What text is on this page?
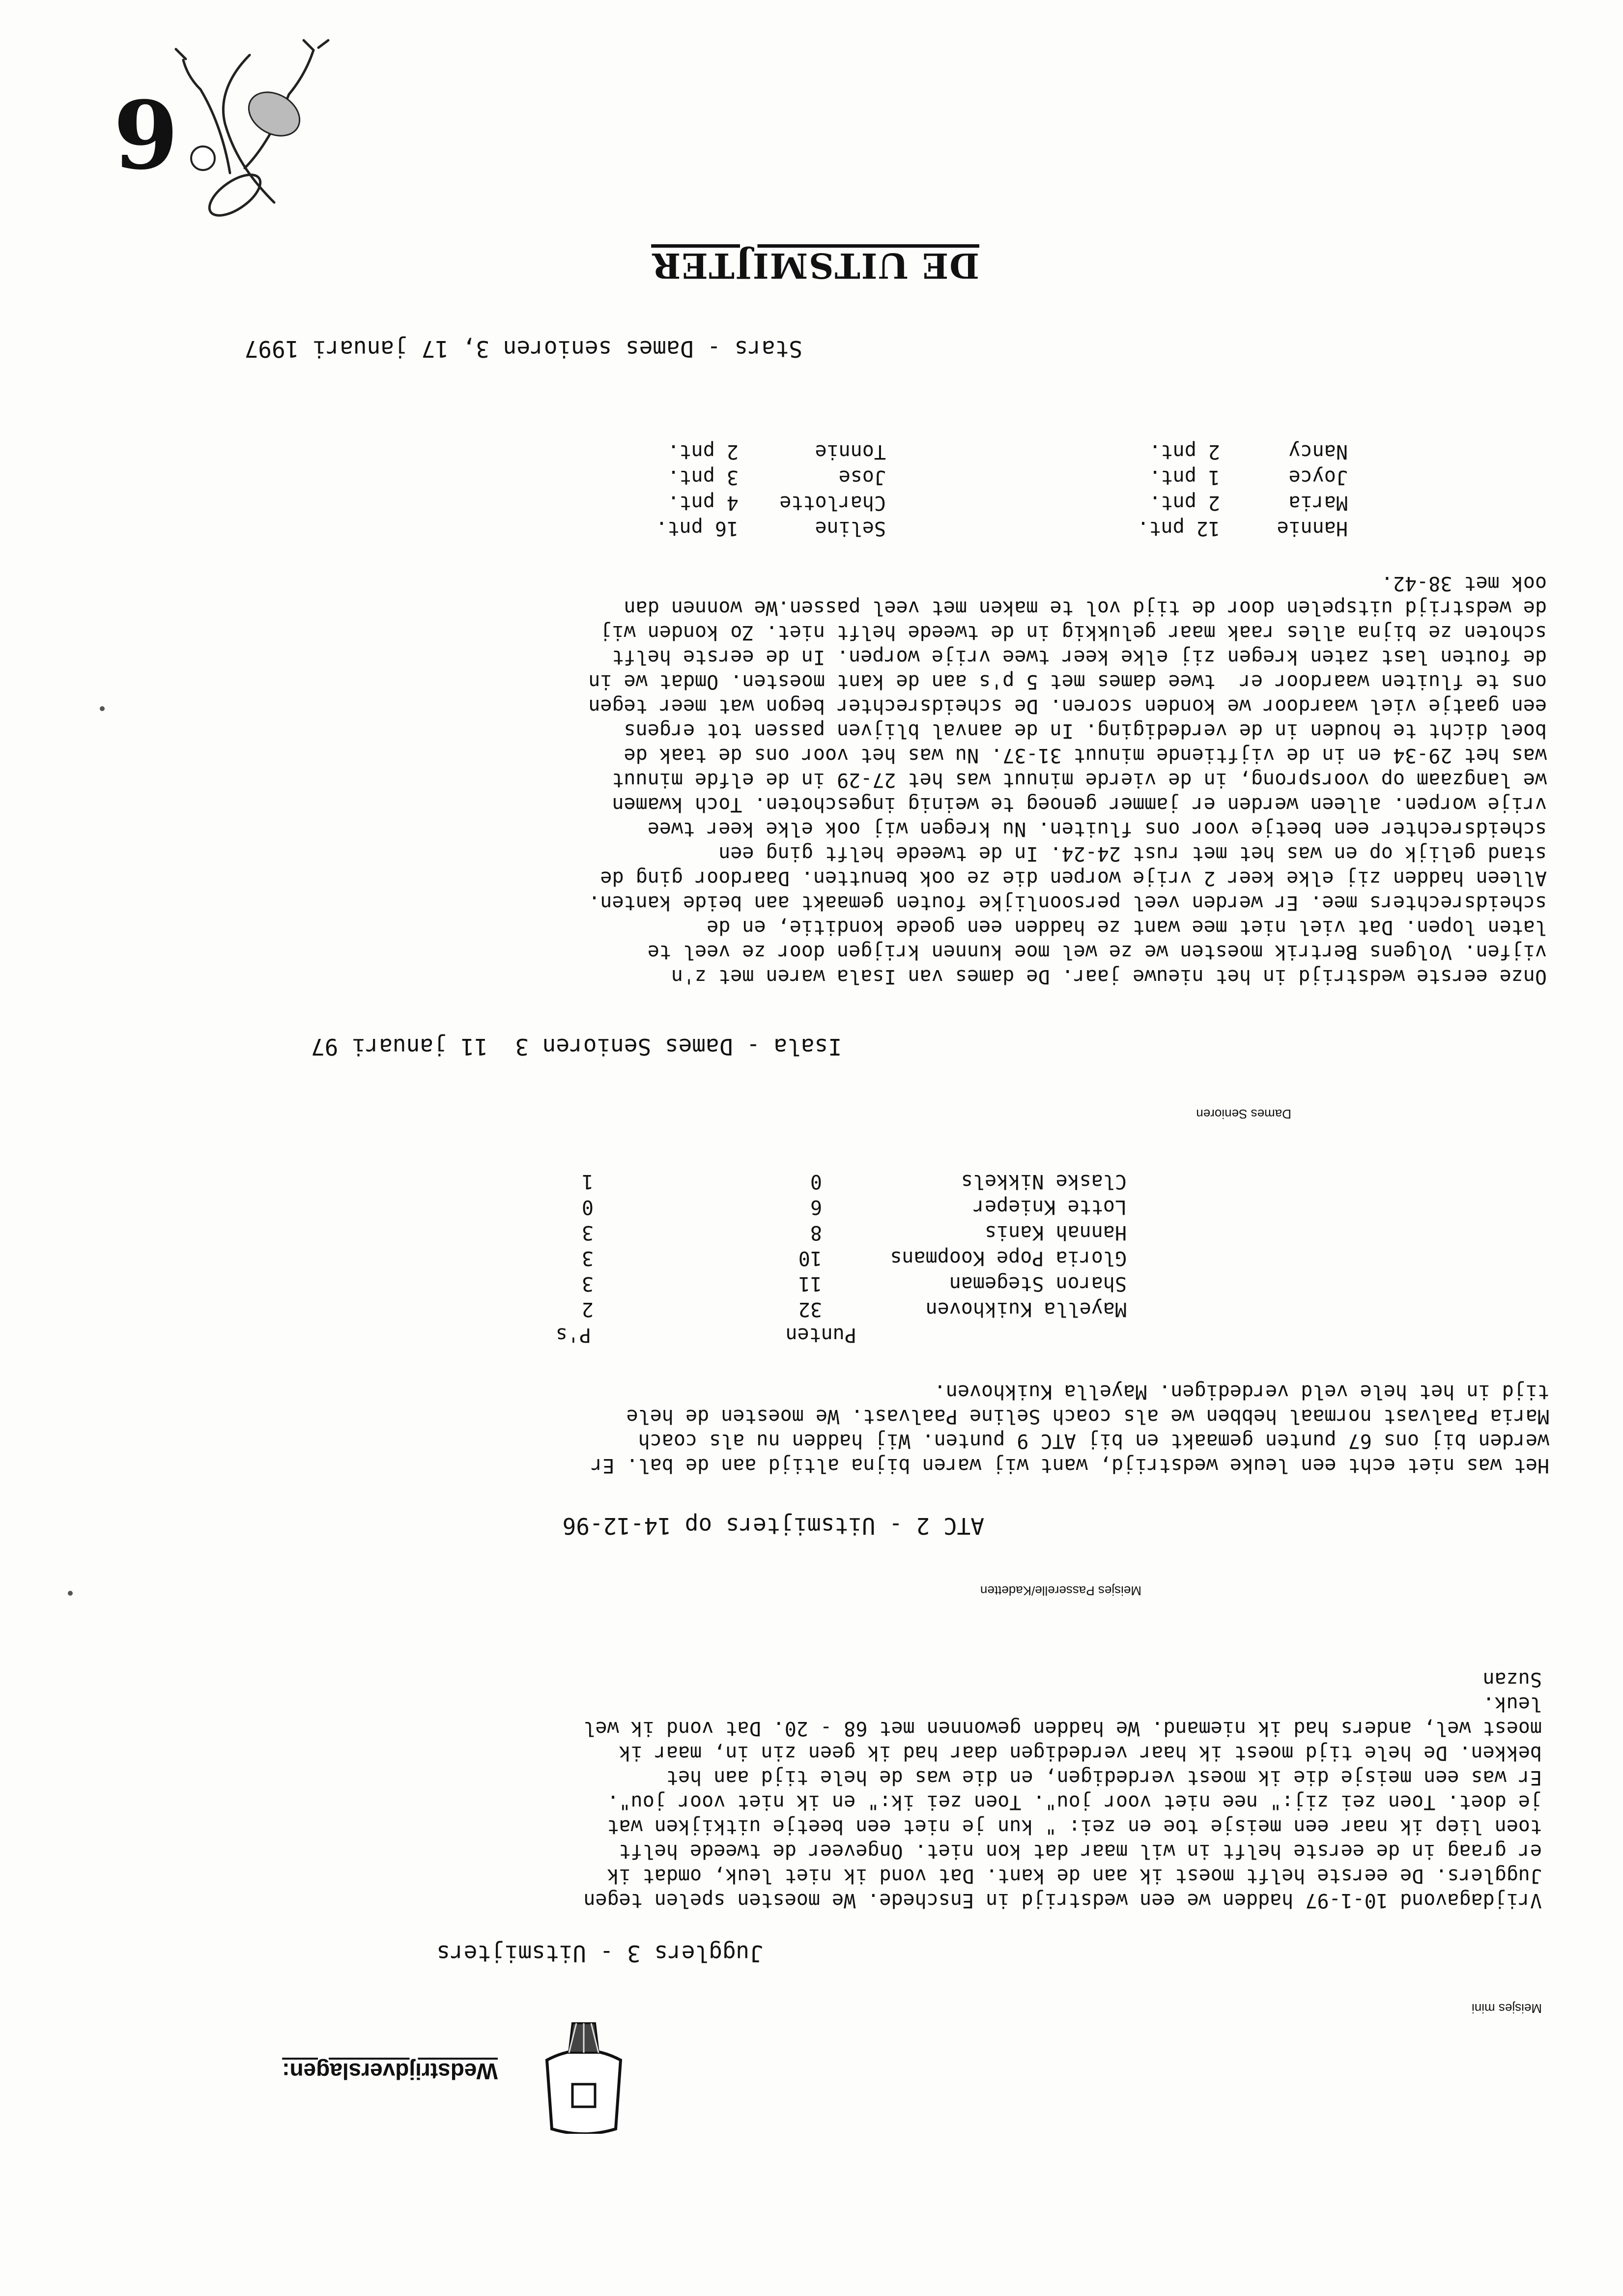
6
DE UITSMIJTER
Stars - Dames senioren 3, 17 januari 1997
Nancy
2 pnt.
Joyce
1 pnt.
Maria
2 pnt.
Hannie
12 pnt.
Tonnie
2 pnt.
Jose
3 pnt.
Charlotte
4 pnt.
Seline
16 pnt.
Onze eerste wedstrijd in het nieuwe jaar. De dames van Isala waren met z'n
vijfen. Volgens Bertrik moesten we ze wel moe kunnen krijgen door ze veel te
laten lopen. Dat viel niet mee want ze hadden een goede konditie, en de
scheidsrechters mee. Er werden veel persoonlijke fouten gemaakt aan beide kanten.
Alleen hadden zij elke keer 2 vrije worpen die ze ook benutten. Daardoor ging de
stand gelijk op en was het met rust 24-24. In de tweede helft ging een
scheidsrechter een beetje voor ons fluiten. Nu kregen wij ook elke keer twee
vrije worpen. alleen werden er jammer genoeg te weinig ingeschoten. Toch kwamen
we langzaam op voorsprong, in de vierde minuut was het 27-29 in de elfde minuut
was het 29-34 en in de vijftiende minuut 31-37. Nu was het voor ons de taak de
boel dicht te houden in de verdediging. In de aanval blijven passen tot ergens
een gaatje viel waardoor we konden scoren. De scheidsrechter begon wat meer tegen
ons te fluiten waardoor er  twee dames met 5 p's aan de kant moesten. Omdat we in
de fouten last zaten kregen zij elke keer twee vrije worpen. In de eerste helft
schoten ze bijna alles raak maar gelukkig in de tweede helft niet. Zo konden wij
de wedstrijd uitspelen door de tijd vol te maken met veel passen.We wonnen dan
ook met 38-42.
Isala - Dames Senioren 3  11 januari 97
Dames Senioren
Claske Nikkels
0
1
Lotte Knieper
6
0
Hannah Kanis
8
3
Gloria Pope Koopmans
10
3
Sharon Stegeman
11
3
Mayella Kuikhoven
32
2
Punten
P's
Het was niet echt een leuke wedstrijd, want wij waren bijna altijd aan de bal. Er
werden bij ons 67 punten gemaakt en bij ATC 9 punten. Wij hadden nu als coach
Maria Paalvast normaal hebben we als coach Seline Paalvast. We moesten de hele
tijd in het hele veld verdedigen. Mayella Kuikhoven.
ATC 2 - Uitsmijters op 14-12-96
Meisjes Passerelle/Kadetten
Vrijdagavond 10-1-97 hadden we een wedstrijd in Enschede. We moesten spelen tegen
Jugglers. De eerste helft moest ik aan de kant. Dat vond ik niet leuk, omdat ik
er graag in de eerste helft in wil maar dat kon niet. Ongeveer de tweede helft
toen liep ik naar een meisje toe en zei: " kun je niet een beetje uitkijken wat
je doet. Toen zei zij:" nee niet voor jou". Toen zei ik:" en ik niet voor jou".
Er was een meisje die ik moest verdedigen, en die was de hele tijd aan het
bekken. De hele tijd moest ik haar verdedigen daar had ik geen zin in, maar ik
moest wel, anders had ik niemand. We hadden gewonnen met 68 - 20. Dat vond ik wel
leuk.
Suzan
Jugglers 3 - Uitsmijters
Meisjes mini
Wedstrijdverslagen:
